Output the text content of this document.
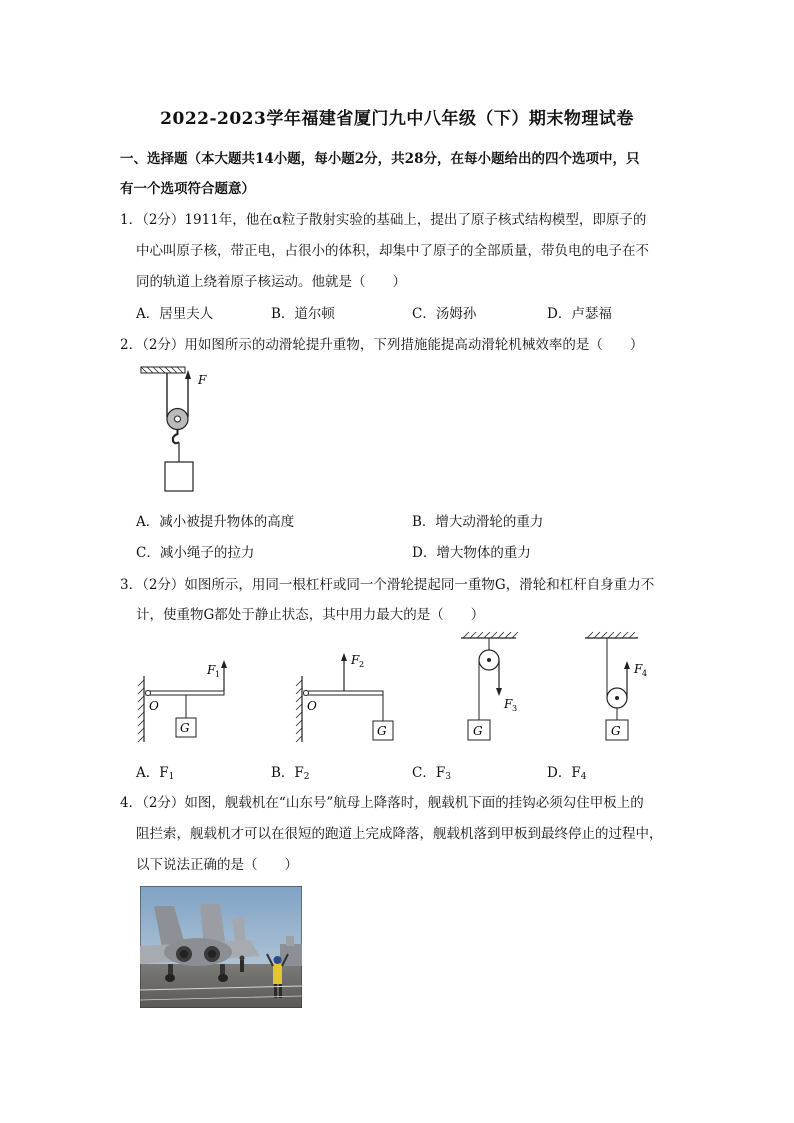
2022-2023学年福建省厦门九中八年级（下）期末物理试卷
一、选择题（本大题共14小题，每小题2分，共28分，在每小题给出的四个选项中，只
有一个选项符合题意）
1．（2分）1911年，他在α粒子散射实验的基础上，提出了原子核式结构模型，即原子的
中心叫原子核，带正电，占很小的体积，却集中了原子的全部质量，带负电的电子在不
同的轨道上绕着原子核运动。他就是（　　）
A．居里夫人	B．道尔顿	C．汤姆孙	D．卢瑟福
2．（2分）用如图所示的动滑轮提升重物，下列措施能提高动滑轮机械效率的是（　　）
F
A．减小被提升物体的高度	B．增大动滑轮的重力
C．减小绳子的拉力	D．增大物体的重力
3．（2分）如图所示，用同一根杠杆或同一个滑轮提起同一重物G，滑轮和杠杆自身重力不
计，使重物G都处于静止状态，其中用力最大的是（　　）
G
O
F 1
G
O
F 2
G
F 3
F 4
G
A．$F_1$	B．$F_2$	C．$F_3$	D．$F_4$
4．（2分）如图，舰载机在“山东号”航母上降落时，舰载机下面的挂钩必须勾住甲板上的
阻拦索，舰载机才可以在很短的跑道上完成降落，舰载机落到甲板到最终停止的过程中，
以下说法正确的是（　　）
